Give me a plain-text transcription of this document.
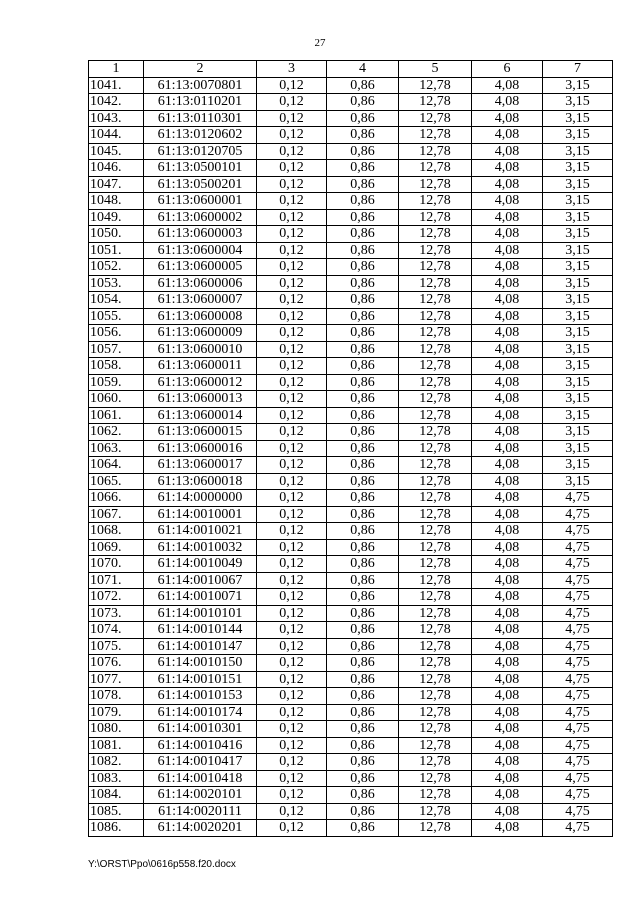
27
1	2	3	4	5	6	7
1041.	61:13:0070801	0,12	0,86	12,78	4,08	3,15
1042.	61:13:0110201	0,12	0,86	12,78	4,08	3,15
1043.	61:13:0110301	0,12	0,86	12,78	4,08	3,15
1044.	61:13:0120602	0,12	0,86	12,78	4,08	3,15
1045.	61:13:0120705	0,12	0,86	12,78	4,08	3,15
1046.	61:13:0500101	0,12	0,86	12,78	4,08	3,15
1047.	61:13:0500201	0,12	0,86	12,78	4,08	3,15
1048.	61:13:0600001	0,12	0,86	12,78	4,08	3,15
1049.	61:13:0600002	0,12	0,86	12,78	4,08	3,15
1050.	61:13:0600003	0,12	0,86	12,78	4,08	3,15
1051.	61:13:0600004	0,12	0,86	12,78	4,08	3,15
1052.	61:13:0600005	0,12	0,86	12,78	4,08	3,15
1053.	61:13:0600006	0,12	0,86	12,78	4,08	3,15
1054.	61:13:0600007	0,12	0,86	12,78	4,08	3,15
1055.	61:13:0600008	0,12	0,86	12,78	4,08	3,15
1056.	61:13:0600009	0,12	0,86	12,78	4,08	3,15
1057.	61:13:0600010	0,12	0,86	12,78	4,08	3,15
1058.	61:13:0600011	0,12	0,86	12,78	4,08	3,15
1059.	61:13:0600012	0,12	0,86	12,78	4,08	3,15
1060.	61:13:0600013	0,12	0,86	12,78	4,08	3,15
1061.	61:13:0600014	0,12	0,86	12,78	4,08	3,15
1062.	61:13:0600015	0,12	0,86	12,78	4,08	3,15
1063.	61:13:0600016	0,12	0,86	12,78	4,08	3,15
1064.	61:13:0600017	0,12	0,86	12,78	4,08	3,15
1065.	61:13:0600018	0,12	0,86	12,78	4,08	3,15
1066.	61:14:0000000	0,12	0,86	12,78	4,08	4,75
1067.	61:14:0010001	0,12	0,86	12,78	4,08	4,75
1068.	61:14:0010021	0,12	0,86	12,78	4,08	4,75
1069.	61:14:0010032	0,12	0,86	12,78	4,08	4,75
1070.	61:14:0010049	0,12	0,86	12,78	4,08	4,75
1071.	61:14:0010067	0,12	0,86	12,78	4,08	4,75
1072.	61:14:0010071	0,12	0,86	12,78	4,08	4,75
1073.	61:14:0010101	0,12	0,86	12,78	4,08	4,75
1074.	61:14:0010144	0,12	0,86	12,78	4,08	4,75
1075.	61:14:0010147	0,12	0,86	12,78	4,08	4,75
1076.	61:14:0010150	0,12	0,86	12,78	4,08	4,75
1077.	61:14:0010151	0,12	0,86	12,78	4,08	4,75
1078.	61:14:0010153	0,12	0,86	12,78	4,08	4,75
1079.	61:14:0010174	0,12	0,86	12,78	4,08	4,75
1080.	61:14:0010301	0,12	0,86	12,78	4,08	4,75
1081.	61:14:0010416	0,12	0,86	12,78	4,08	4,75
1082.	61:14:0010417	0,12	0,86	12,78	4,08	4,75
1083.	61:14:0010418	0,12	0,86	12,78	4,08	4,75
1084.	61:14:0020101	0,12	0,86	12,78	4,08	4,75
1085.	61:14:0020111	0,12	0,86	12,78	4,08	4,75
1086.	61:14:0020201	0,12	0,86	12,78	4,08	4,75
Y:\ORST\Ppo\0616p558.f20.docx
